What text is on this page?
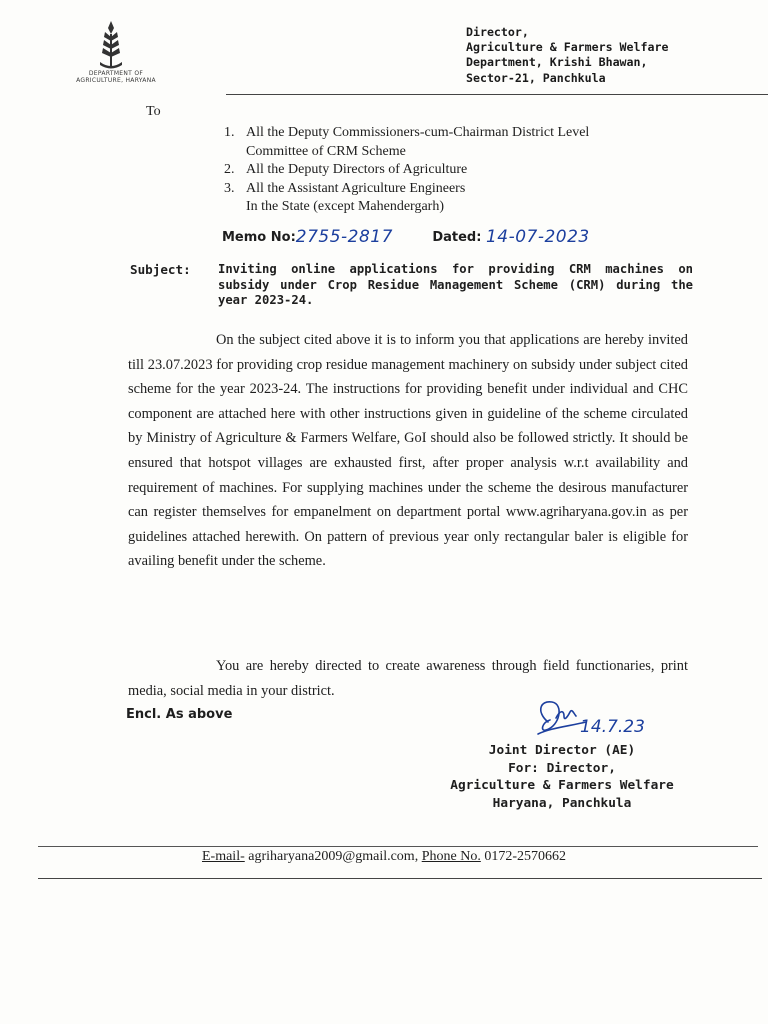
DEPARTMENT OF
AGRICULTURE, HARYANA
Director,
Agriculture & Farmers Welfare
Department, Krishi Bhawan,
Sector-21, Panchkula
To
1. All the Deputy Commissioners-cum-Chairman District Level
Committee of CRM Scheme
2. All the Deputy Directors of Agriculture
3. All the Assistant Agriculture Engineers
In the State (except Mahendergarh)
Memo No:2755-2817	Dated: 14-07-2023
Subject: Inviting online applications for providing CRM machines on subsidy under Crop Residue Management Scheme (CRM) during the year 2023-24.
On the subject cited above it is to inform you that applications are hereby invited till 23.07.2023 for providing crop residue management machinery on subsidy under subject cited scheme for the year 2023-24. The instructions for providing benefit under individual and CHC component are attached here with other instructions given in guideline of the scheme circulated by Ministry of Agriculture & Farmers Welfare, GoI should also be followed strictly. It should be ensured that hotspot villages are exhausted first, after proper analysis w.r.t availability and requirement of machines. For supplying machines under the scheme the desirous manufacturer can register themselves for empanelment on department portal www.agriharyana.gov.in as per guidelines attached herewith. On pattern of previous year only rectangular baler is eligible for availing benefit under the scheme.
You are hereby directed to create awareness through field functionaries, print media, social media in your district.
Encl. As above
14.7.23
Joint Director (AE)
For: Director,
Agriculture & Farmers Welfare
Haryana, Panchkula
E-mail- agriharyana2009@gmail.com, Phone No. 0172-2570662
